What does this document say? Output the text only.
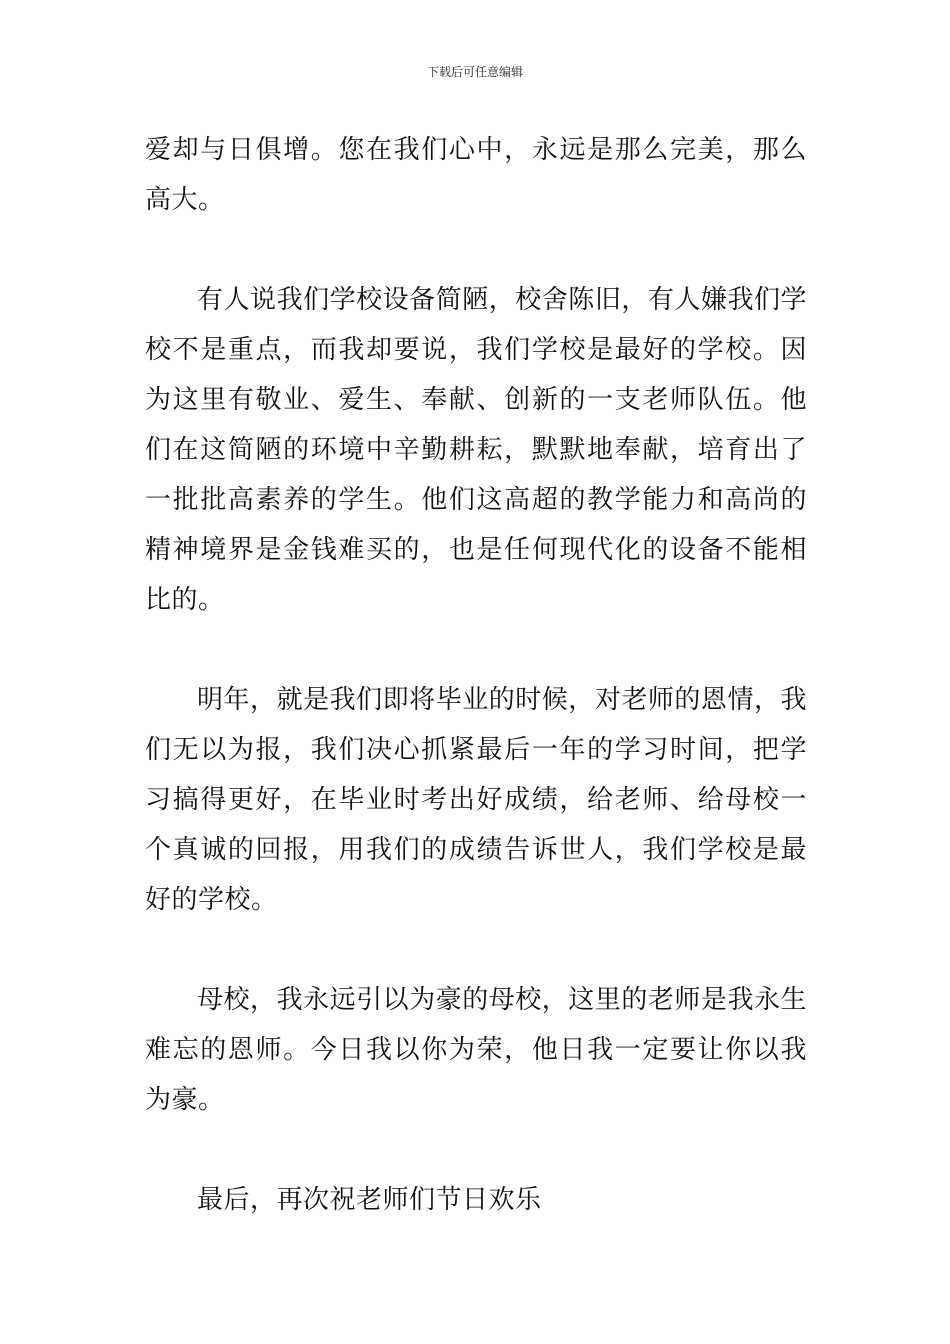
下载后可任意编辑

爱却与日俱增。您在我们心中，永远是那么完美，那么高大。

有人说我们学校设备简陋，校舍陈旧，有人嫌我们学校不是重点，而我却要说，我们学校是最好的学校。因为这里有敬业、爱生、奉献、创新的一支老师队伍。他们在这简陋的环境中辛勤耕耘，默默地奉献，培育出了一批批高素养的学生。他们这高超的教学能力和高尚的精神境界是金钱难买的，也是任何现代化的设备不能相比的。

明年，就是我们即将毕业的时候，对老师的恩情，我们无以为报，我们决心抓紧最后一年的学习时间，把学习搞得更好，在毕业时考出好成绩，给老师、给母校一个真诚的回报，用我们的成绩告诉世人，我们学校是最好的学校。

母校，我永远引以为豪的母校，这里的老师是我永生难忘的恩师。今日我以你为荣，他日我一定要让你以我为豪。

最后，再次祝老师们节日欢乐
